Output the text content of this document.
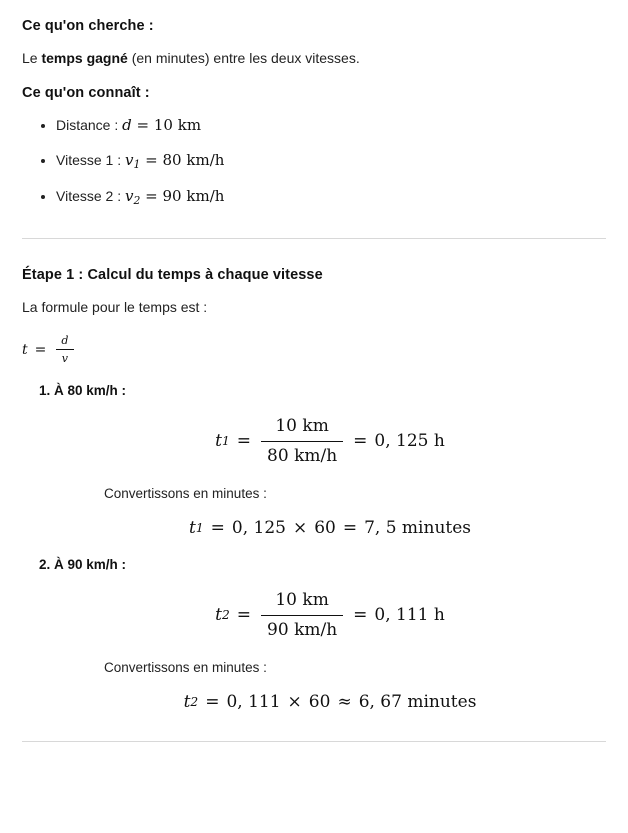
Ce qu'on cherche :

Le temps gagné (en minutes) entre les deux vitesses.

Ce qu'on connaît :
• Distance : d = 10 km
• Vitesse 1 : $v_1 = 80$ km/h
• Vitesse 2 : $v_2 = 90$ km/h
Étape 1 : Calcul du temps à chaque vitesse

La formule pour le temps est :

$t = \frac{d}{v}$
1. À 80 km/h :
t $1 = \frac{10 km}{80 km/h} = 0$, 125 h
Convertissons en minutes :
t 1 = 0, 125 × 60 = 7, 5 minutes
2. À 90 km/h :
t $2 = \frac{10 km}{90 km/h} = 0$, 111 h
Convertissons en minutes :
t 2 = 0, 111 × 60 ≈ 6, 67 minutes
